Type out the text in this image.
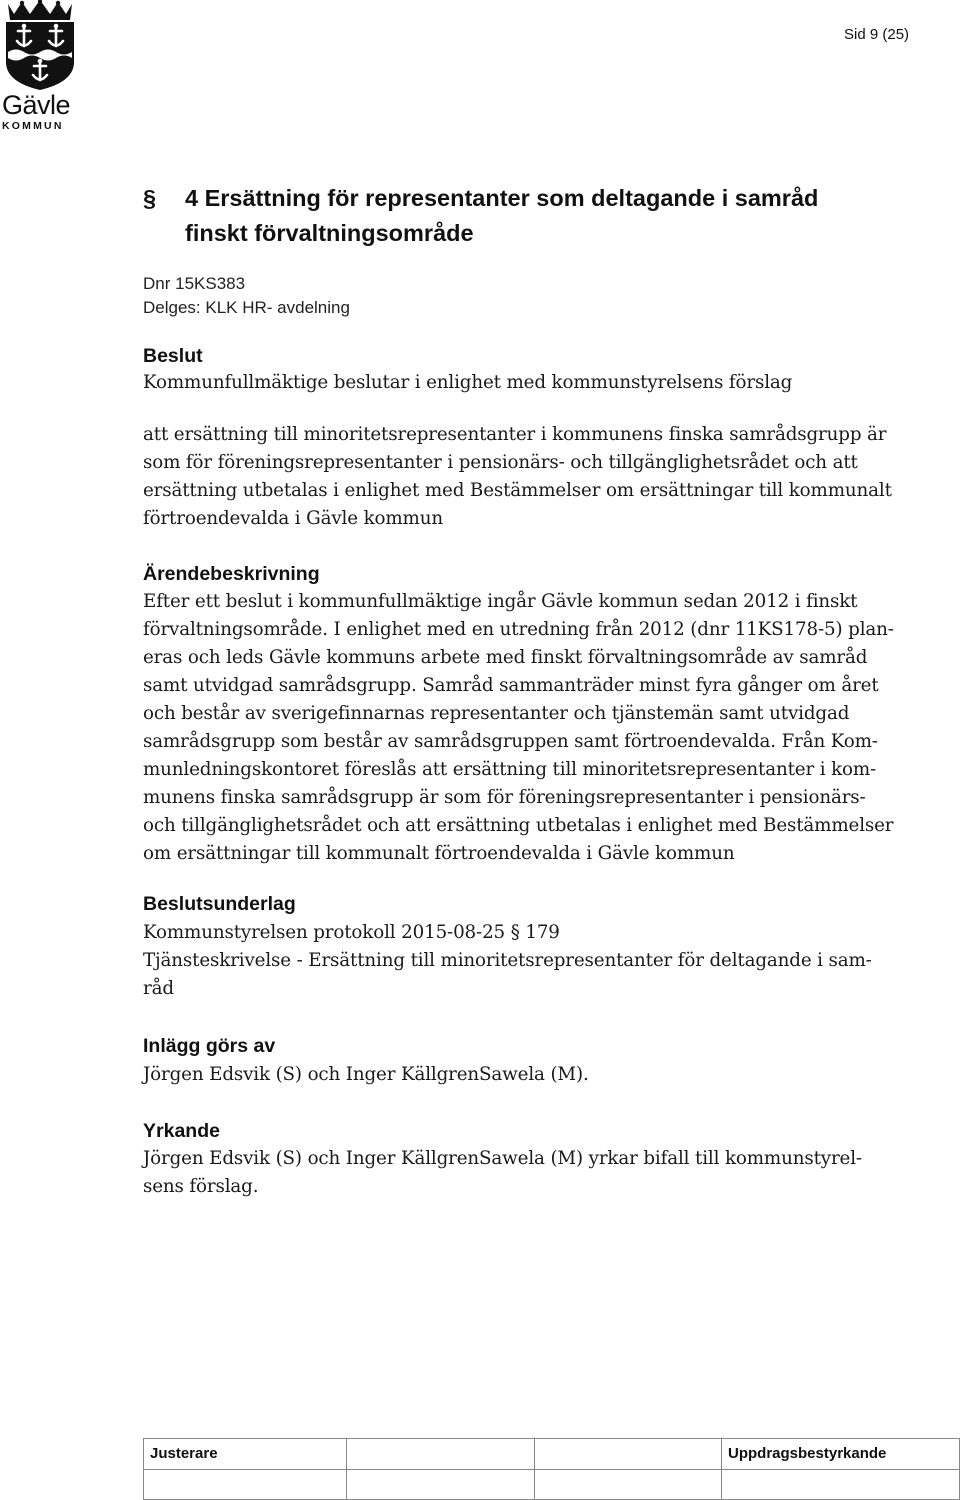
Gävle
KOMMUN
Sid 9 (25)
§ 4 Ersättning för representanter som deltagande i samråd
finskt förvaltningsområde
Dnr 15KS383
Delges: KLK HR- avdelning
Beslut

Kommunfullmäktige beslutar i enlighet med kommunstyrelsens förslag

att ersättning till minoritetsrepresentanter i kommunens finska samrådsgrupp är

som för föreningsrepresentanter i pensionärs- och tillgänglighetsrådet och att

ersättning utbetalas i enlighet med Bestämmelser om ersättningar till kommunalt

förtroendevalda i Gävle kommun

Ärendebeskrivning

Efter ett beslut i kommunfullmäktige ingår Gävle kommun sedan 2012 i finskt

förvaltningsområde. I enlighet med en utredning från 2012 (dnr 11KS178-5) plan-

eras och leds Gävle kommuns arbete med finskt förvaltningsområde av samråd

samt utvidgad samrådsgrupp. Samråd sammanträder minst fyra gånger om året

och består av sverigefinnarnas representanter och tjänstemän samt utvidgad

samrådsgrupp som består av samrådsgruppen samt förtroendevalda. Från Kom-

munledningskontoret föreslås att ersättning till minoritetsrepresentanter i kom-

munens finska samrådsgrupp är som för föreningsrepresentanter i pensionärs-

och tillgänglighetsrådet och att ersättning utbetalas i enlighet med Bestämmelser

om ersättningar till kommunalt förtroendevalda i Gävle kommun

Beslutsunderlag

Kommunstyrelsen protokoll 2015-08-25 § 179

Tjänsteskrivelse - Ersättning till minoritetsrepresentanter för deltagande i sam-

råd

Inlägg görs av

Jörgen Edsvik (S) och Inger KällgrenSawela (M).

Yrkande

Jörgen Edsvik (S) och Inger KällgrenSawela (M) yrkar bifall till kommunstyrel-

sens förslag.

Justerare			Uppdragsbestyrkande
